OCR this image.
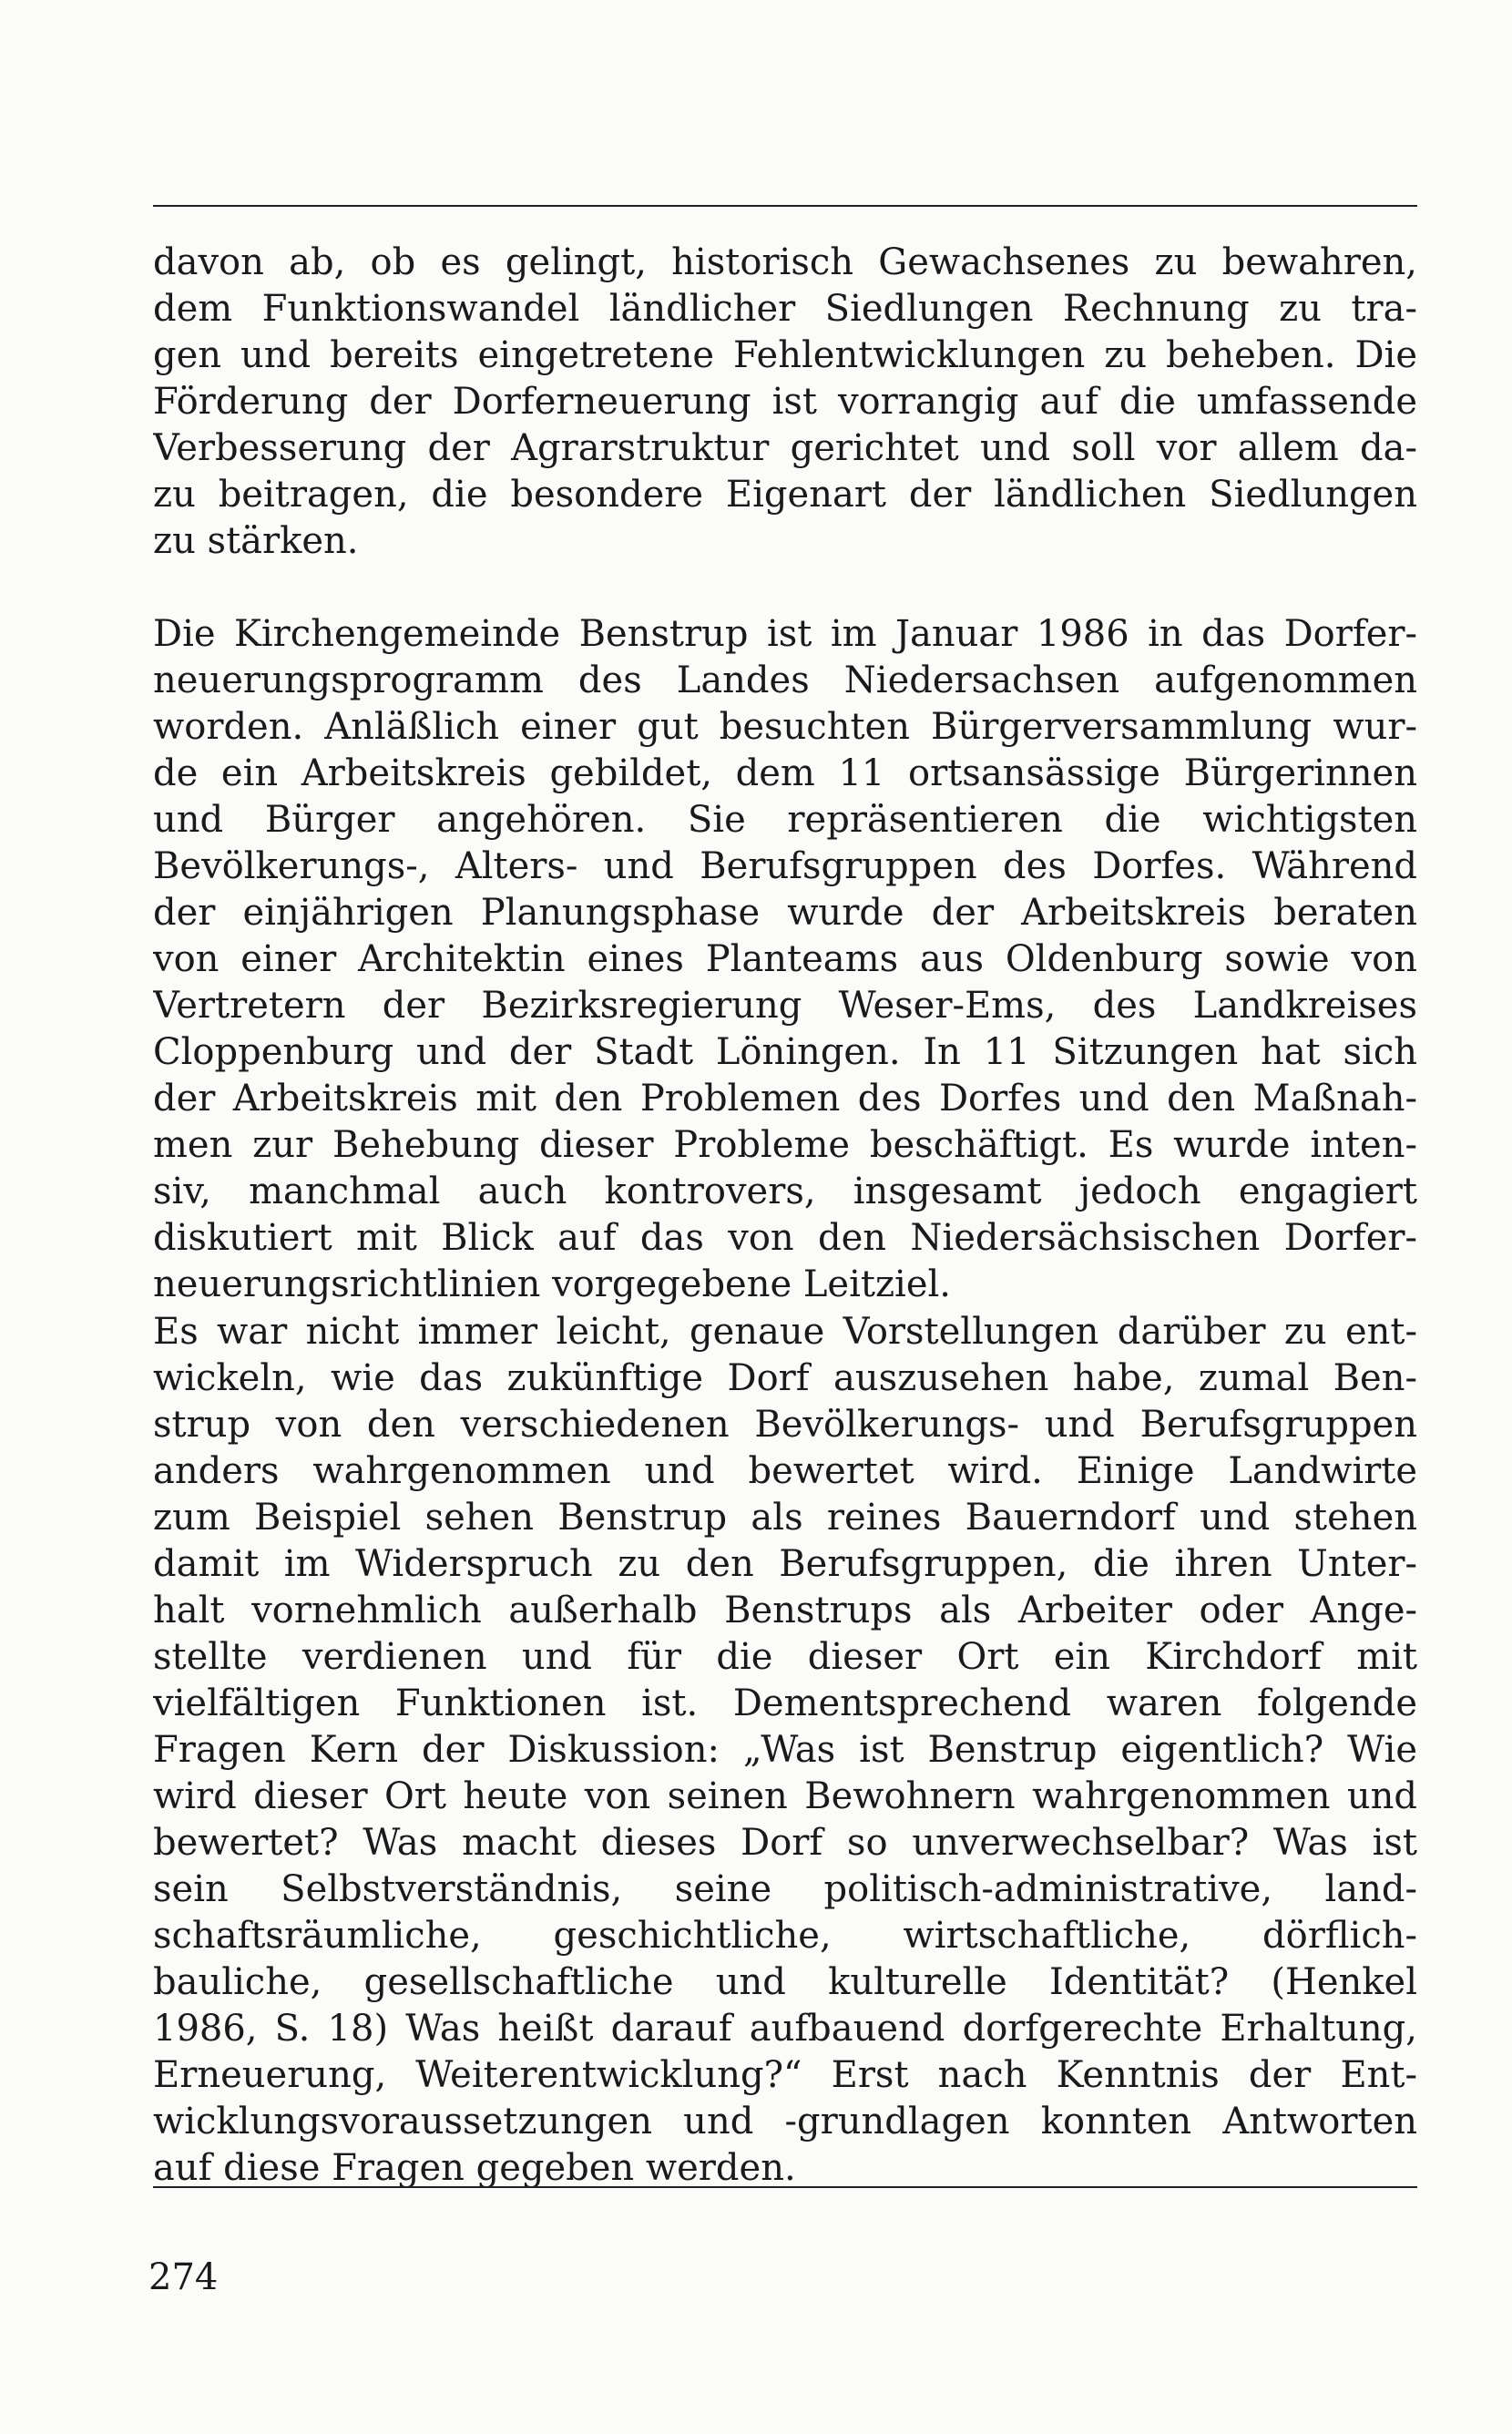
davon ab, ob es gelingt, historisch Gewachsenes zu bewahren,
dem Funktionswandel ländlicher Siedlungen Rechnung zu tra-
gen und bereits eingetretene Fehlentwicklungen zu beheben. Die
Förderung der Dorferneuerung ist vorrangig auf die umfassende
Verbesserung der Agrarstruktur gerichtet und soll vor allem da-
zu beitragen, die besondere Eigenart der ländlichen Siedlungen
zu stärken.
Die Kirchengemeinde Benstrup ist im Januar 1986 in das Dorfer-
neuerungsprogramm des Landes Niedersachsen aufgenommen
worden. Anläßlich einer gut besuchten Bürgerversammlung wur-
de ein Arbeitskreis gebildet, dem 11 ortsansässige Bürgerinnen
und Bürger angehören. Sie repräsentieren die wichtigsten
Bevölkerungs-, Alters- und Berufsgruppen des Dorfes. Während
der einjährigen Planungsphase wurde der Arbeitskreis beraten
von einer Architektin eines Planteams aus Oldenburg sowie von
Vertretern der Bezirksregierung Weser-Ems, des Landkreises
Cloppenburg und der Stadt Löningen. In 11 Sitzungen hat sich
der Arbeitskreis mit den Problemen des Dorfes und den Maßnah-
men zur Behebung dieser Probleme beschäftigt. Es wurde inten-
siv, manchmal auch kontrovers, insgesamt jedoch engagiert
diskutiert mit Blick auf das von den Niedersächsischen Dorfer-
neuerungsrichtlinien vorgegebene Leitziel.
Es war nicht immer leicht, genaue Vorstellungen darüber zu ent-
wickeln, wie das zukünftige Dorf auszusehen habe, zumal Ben-
strup von den verschiedenen Bevölkerungs- und Berufsgruppen
anders wahrgenommen und bewertet wird. Einige Landwirte
zum Beispiel sehen Benstrup als reines Bauerndorf und stehen
damit im Widerspruch zu den Berufsgruppen, die ihren Unter-
halt vornehmlich außerhalb Benstrups als Arbeiter oder Ange-
stellte verdienen und für die dieser Ort ein Kirchdorf mit
vielfältigen Funktionen ist. Dementsprechend waren folgende
Fragen Kern der Diskussion: „Was ist Benstrup eigentlich? Wie
wird dieser Ort heute von seinen Bewohnern wahrgenommen und
bewertet? Was macht dieses Dorf so unverwechselbar? Was ist
sein Selbstverständnis, seine politisch-administrative, land-
schaftsräumliche, geschichtliche, wirtschaftliche, dörflich-
bauliche, gesellschaftliche und kulturelle Identität? (Henkel
1986, S. 18) Was heißt darauf aufbauend dorfgerechte Erhaltung,
Erneuerung, Weiterentwicklung?“ Erst nach Kenntnis der Ent-
wicklungsvoraussetzungen und -grundlagen konnten Antworten
auf diese Fragen gegeben werden.
274
